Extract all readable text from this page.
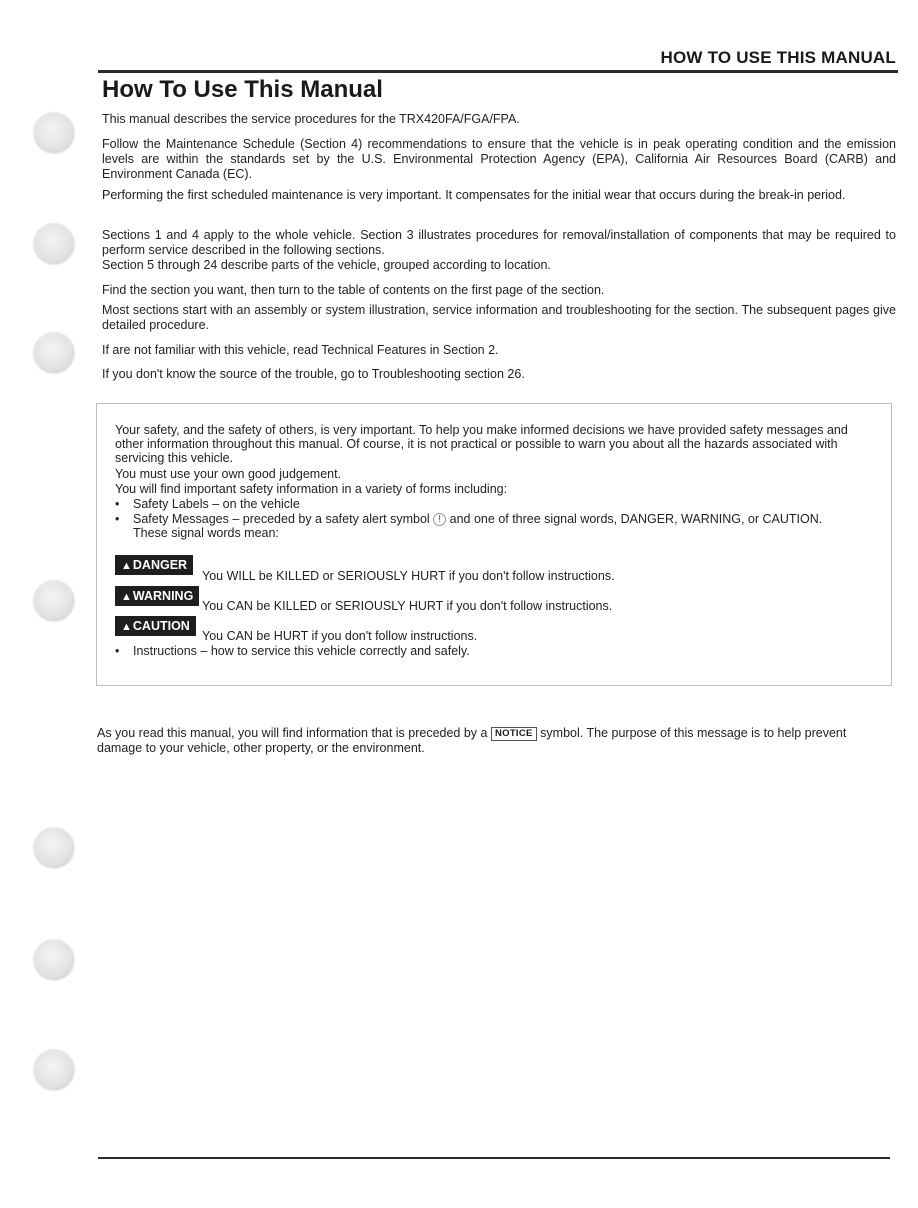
HOW TO USE THIS MANUAL
How To Use This Manual

This manual describes the service procedures for the TRX420FA/FGA/FPA.

Follow the Maintenance Schedule (Section 4) recommendations to ensure that the vehicle is in peak operating condition and the emission levels are within the standards set by the U.S. Environmental Protection Agency (EPA), California Air Resources Board (CARB) and Environment Canada (EC).

Performing the first scheduled maintenance is very important. It compensates for the initial wear that occurs during the break-in period.

Sections 1 and 4 apply to the whole vehicle. Section 3 illustrates procedures for removal/installation of components that may be required to perform service described in the following sections.

Section 5 through 24 describe parts of the vehicle, grouped according to location.

Find the section you want, then turn to the table of contents on the first page of the section.

Most sections start with an assembly or system illustration, service information and troubleshooting for the section. The subsequent pages give detailed procedure.

If are not familiar with this vehicle, read Technical Features in Section 2.

If you don't know the source of the trouble, go to Troubleshooting section 26.

Your safety, and the safety of others, is very important. To help you make informed decisions we have provided safety messages and other information throughout this manual. Of course, it is not practical or possible to warn you about all the hazards associated with servicing this vehicle.

You must use your own good judgement.

You will find important safety information in a variety of forms including:

• Safety Labels – on the vehicle
• Safety Messages – preceded by a safety alert symbol ! and one of three signal words, DANGER, WARNING, or CAUTION.
These signal words mean:
▲DANGER
You WILL be KILLED or SERIOUSLY HURT if you don't follow instructions.
▲WARNING
You CAN be KILLED or SERIOUSLY HURT if you don't follow instructions.
▲CAUTION
You CAN be HURT if you don't follow instructions.
• Instructions – how to service this vehicle correctly and safely.

As you read this manual, you will find information that is preceded by a NOTICE symbol. The purpose of this message is to help prevent damage to your vehicle, other property, or the environment.
